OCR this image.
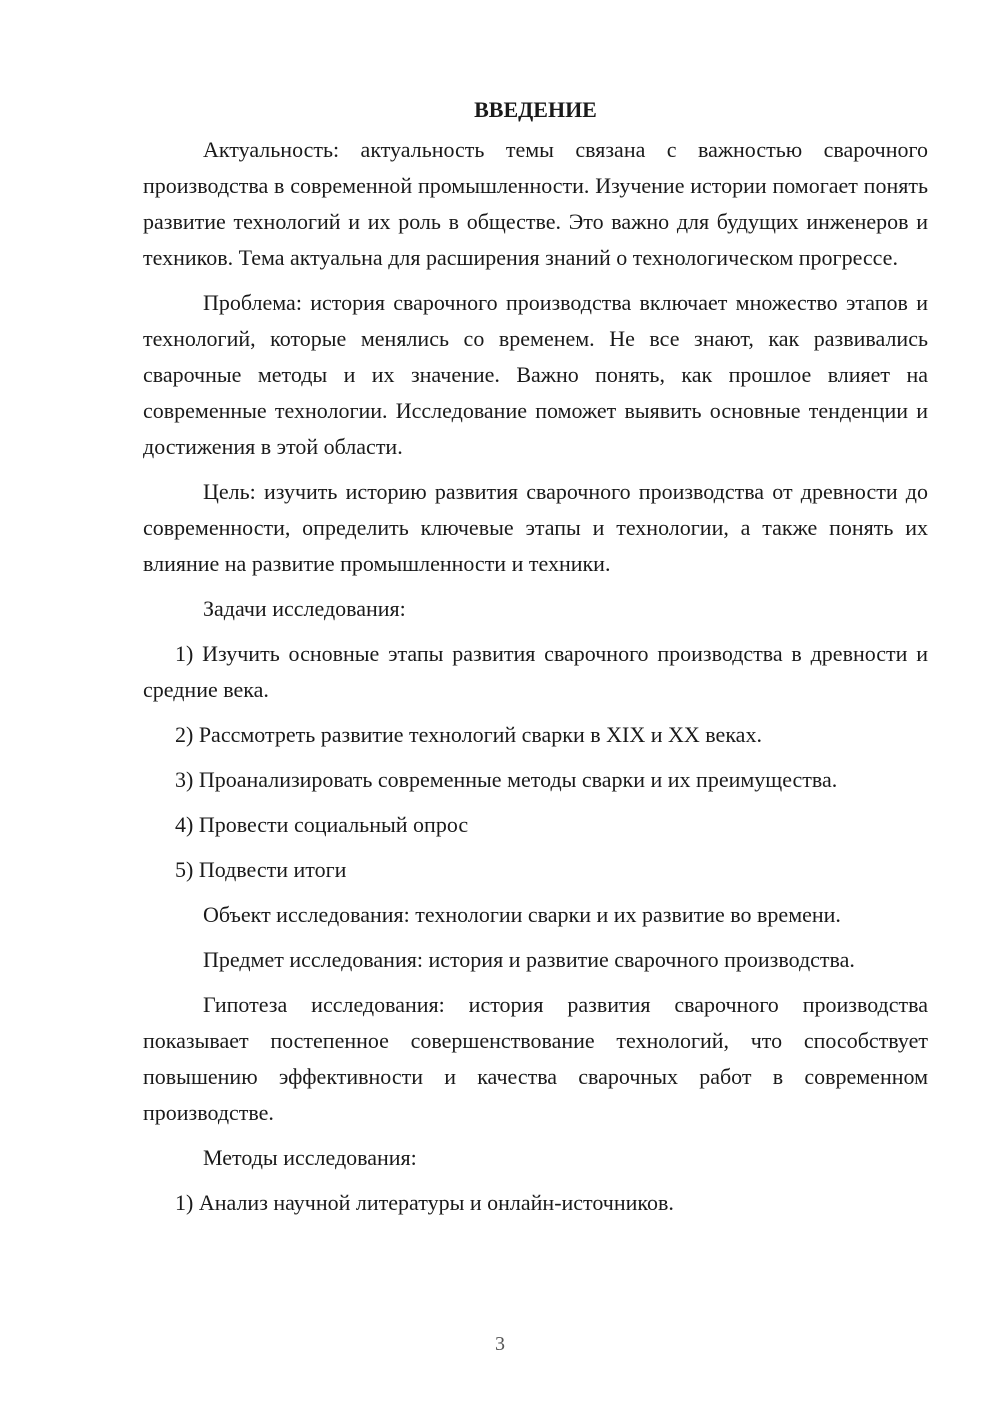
ВВЕДЕНИЕ

Актуальность: актуальность темы связана с важностью сварочного производства в современной промышленности. Изучение истории помогает понять развитие технологий и их роль в обществе. Это важно для будущих инженеров и техников. Тема актуальна для расширения знаний о технологическом прогрессе.

Проблема: история сварочного производства включает множество этапов и технологий, которые менялись со временем. Не все знают, как развивались сварочные методы и их значение. Важно понять, как прошлое влияет на современные технологии. Исследование поможет выявить основные тенденции и достижения в этой области.

Цель: изучить историю развития сварочного производства от древности до современности, определить ключевые этапы и технологии, а также понять их влияние на развитие промышленности и техники.

Задачи исследования:

1) Изучить основные этапы развития сварочного производства в древности и средние века.

2) Рассмотреть развитие технологий сварки в XIX и XX веках.

3) Проанализировать современные методы сварки и их преимущества.

4) Провести социальный опрос

5) Подвести итоги

Объект исследования: технологии сварки и их развитие во времени.

Предмет исследования: история и развитие сварочного производства.

Гипотеза исследования: история развития сварочного производства показывает постепенное совершенствование технологий, что способствует повышению эффективности и качества сварочных работ в современном производстве.

Методы исследования:

1) Анализ научной литературы и онлайн-источников.

3
